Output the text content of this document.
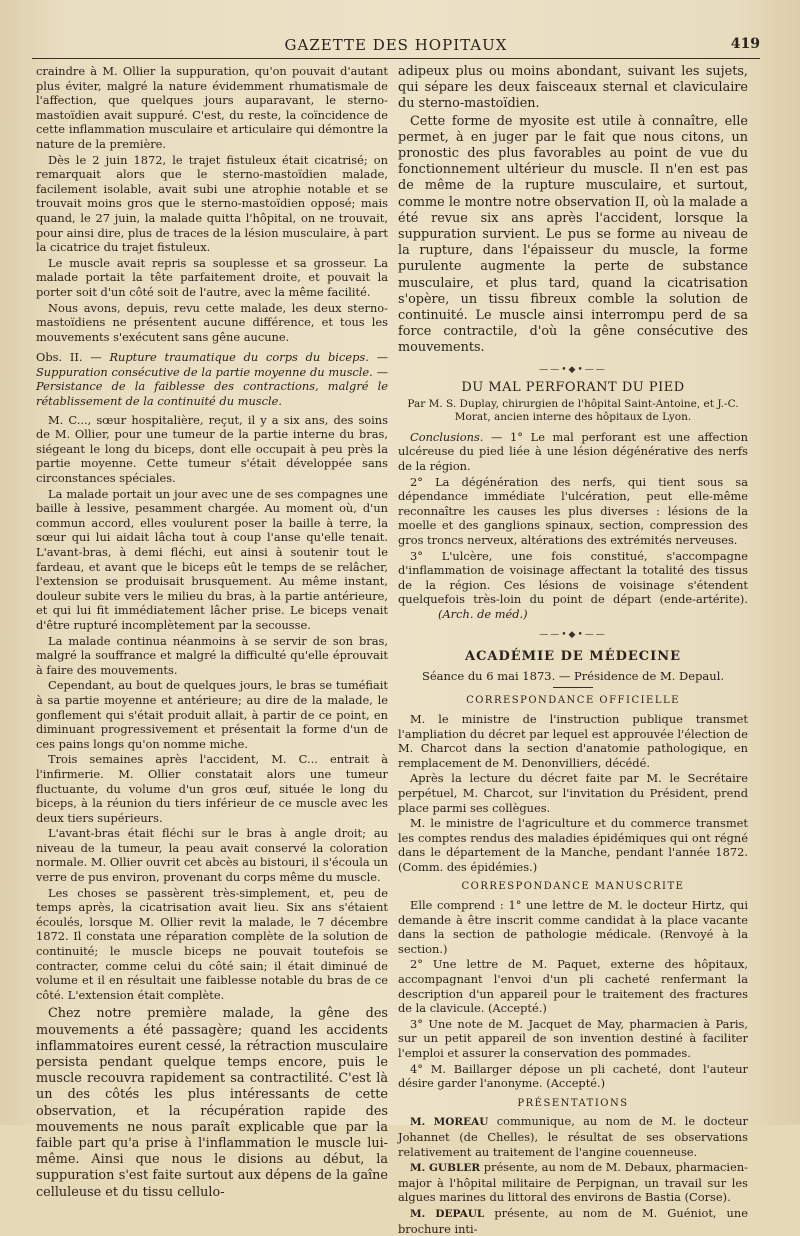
GAZETTE DES HOPITAUX	419

craindre à M. Ollier la suppuration, qu'on pouvait d'autant plus éviter, malgré la nature évidemment rhumatismale de l'affection, que quelques jours auparavant, le sterno-mastoïdien avait suppuré. C'est, du reste, la coïncidence de cette inflammation musculaire et articulaire qui démontre la nature de la première.

Dès le 2 juin 1872, le trajet fistuleux était cicatrisé; on remarquait alors que le sterno-mastoïdien malade, facilement isolable, avait subi une atrophie notable et se trouvait moins gros que le sterno-mastoïdien opposé; mais quand, le 27 juin, la malade quitta l'hôpital, on ne trouvait, pour ainsi dire, plus de traces de la lésion musculaire, à part la cicatrice du trajet fistuleux.

Le muscle avait repris sa souplesse et sa grosseur. La malade portait la tête parfaitement droite, et pouvait la porter soit d'un côté soit de l'autre, avec la même facilité.

Nous avons, depuis, revu cette malade, les deux sterno-mastoïdiens ne présentent aucune différence, et tous les mouvements s'exécutent sans gêne aucune.

Obs. II. — Rupture traumatique du corps du biceps. — Suppuration consécutive de la partie moyenne du muscle. — Persistance de la faiblesse des contractions, malgré le rétablissement de la continuité du muscle.

M. C..., sœur hospitalière, reçut, il y a six ans, des soins de M. Ollier, pour une tumeur de la partie interne du bras, siégeant le long du biceps, dont elle occupait à peu près la partie moyenne. Cette tumeur s'était développée sans circonstances spéciales.

La malade portait un jour avec une de ses compagnes une baille à lessive, pesamment chargée. Au moment où, d'un commun accord, elles voulurent poser la baille à terre, la sœur qui lui aidait lâcha tout à coup l'anse qu'elle tenait. L'avant-bras, à demi fléchi, eut ainsi à soutenir tout le fardeau, et avant que le biceps eût le temps de se relâcher, l'extension se produisait brusquement. Au même instant, douleur subite vers le milieu du bras, à la partie antérieure, et qui lui fit immédiatement lâcher prise. Le biceps venait d'être rupturé incomplètement par la secousse.

La malade continua néanmoins à se servir de son bras, malgré la souffrance et malgré la difficulté qu'elle éprouvait à faire des mouvements.

Cependant, au bout de quelques jours, le bras se tuméfiait à sa partie moyenne et antérieure; au dire de la malade, le gonflement qui s'était produit allait, à partir de ce point, en diminuant progressivement et présentait la forme d'un de ces pains longs qu'on nomme miche.

Trois semaines après l'accident, M. C... entrait à l'infirmerie. M. Ollier constatait alors une tumeur fluctuante, du volume d'un gros œuf, située le long du biceps, à la réunion du tiers inférieur de ce muscle avec les deux tiers supérieurs.

L'avant-bras était fléchi sur le bras à angle droit; au niveau de la tumeur, la peau avait conservé la coloration normale. M. Ollier ouvrit cet abcès au bistouri, il s'écoula un verre de pus environ, provenant du corps même du muscle.

Les choses se passèrent très-simplement, et, peu de temps après, la cicatrisation avait lieu. Six ans s'étaient écoulés, lorsque M. Ollier revit la malade, le 7 décembre 1872. Il constata une réparation complète de la solution de continuité; le muscle biceps ne pouvait toutefois se contracter, comme celui du côté sain; il était diminué de volume et il en résultait une faiblesse notable du bras de ce côté. L'extension était complète.

Chez notre première malade, la gêne des mouvements a été passagère; quand les accidents inflammatoires eurent cessé, la rétraction musculaire persista pendant quelque temps encore, puis le muscle recouvra rapidement sa contractilité. C'est là un des côtés les plus intéressants de cette observation, et la récupération rapide des mouvements ne nous paraît explicable que par la faible part qu'a prise à l'inflammation le muscle lui-même. Ainsi que nous le disions au début, la suppuration s'est faite surtout aux dépens de la gaîne celluleuse et du tissu cellulo-

adipeux plus ou moins abondant, suivant les sujets, qui sépare les deux faisceaux sternal et claviculaire du sterno-mastoïdien.

Cette forme de myosite est utile à connaître, elle permet, à en juger par le fait que nous citons, un pronostic des plus favorables au point de vue du fonctionnement ultérieur du muscle. Il n'en est pas de même de la rupture musculaire, et surtout, comme le montre notre observation II, où la malade a été revue six ans après l'accident, lorsque la suppuration survient. Le pus se forme au niveau de la rupture, dans l'épaisseur du muscle, la forme purulente augmente la perte de substance musculaire, et plus tard, quand la cicatrisation s'opère, un tissu fibreux comble la solution de continuité. Le muscle ainsi interrompu perd de sa force contractile, d'où la gêne consécutive des mouvements.

——•◆•——
DU MAL PERFORANT DU PIED
Par M. S. Duplay, chirurgien de l'hôpital Saint-Antoine, et J.-C. Morat, ancien interne des hôpitaux de Lyon.

Conclusions. — 1° Le mal perforant est une affection ulcéreuse du pied liée à une lésion dégénérative des nerfs de la région.

2° La dégénération des nerfs, qui tient sous sa dépendance immédiate l'ulcération, peut elle-même reconnaître les causes les plus diverses : lésions de la moelle et des ganglions spinaux, section, compression des gros troncs nerveux, altérations des extrémités nerveuses.

3° L'ulcère, une fois constitué, s'accompagne d'inflammation de voisinage affectant la totalité des tissus de la région. Ces lésions de voisinage s'étendent quelquefois très-loin du point de départ (ende-artérite). (Arch. de méd.)

——•◆•——
ACADÉMIE DE MÉDECINE
Séance du 6 mai 1873. — Présidence de M. Depaul.
CORRESPONDANCE OFFICIELLE

M. le ministre de l'instruction publique transmet l'ampliation du décret par lequel est approuvée l'élection de M. Charcot dans la section d'anatomie pathologique, en remplacement de M. Denonvilliers, décédé.

Après la lecture du décret faite par M. le Secrétaire perpétuel, M. Charcot, sur l'invitation du Président, prend place parmi ses collègues.

M. le ministre de l'agriculture et du commerce transmet les comptes rendus des maladies épidémiques qui ont régné dans le département de la Manche, pendant l'année 1872. (Comm. des épidémies.)

CORRESPONDANCE MANUSCRITE

Elle comprend : 1° une lettre de M. le docteur Hirtz, qui demande à être inscrit comme candidat à la place vacante dans la section de pathologie médicale. (Renvoyé à la section.)

2° Une lettre de M. Paquet, externe des hôpitaux, accompagnant l'envoi d'un pli cacheté renfermant la description d'un appareil pour le traitement des fractures de la clavicule. (Accepté.)

3° Une note de M. Jacquet de May, pharmacien à Paris, sur un petit appareil de son invention destiné à faciliter l'emploi et assurer la conservation des pommades.

4° M. Baillarger dépose un pli cacheté, dont l'auteur désire garder l'anonyme. (Accepté.)

PRÉSENTATIONS

M. MOREAU communique, au nom de M. le docteur Johannet (de Chelles), le résultat de ses observations relativement au traitement de l'angine couenneuse.

M. GUBLER présente, au nom de M. Debaux, pharmacien-major à l'hôpital militaire de Perpignan, un travail sur les algues marines du littoral des environs de Bastia (Corse).

M. DEPAUL présente, au nom de M. Guéniot, une brochure inti-
